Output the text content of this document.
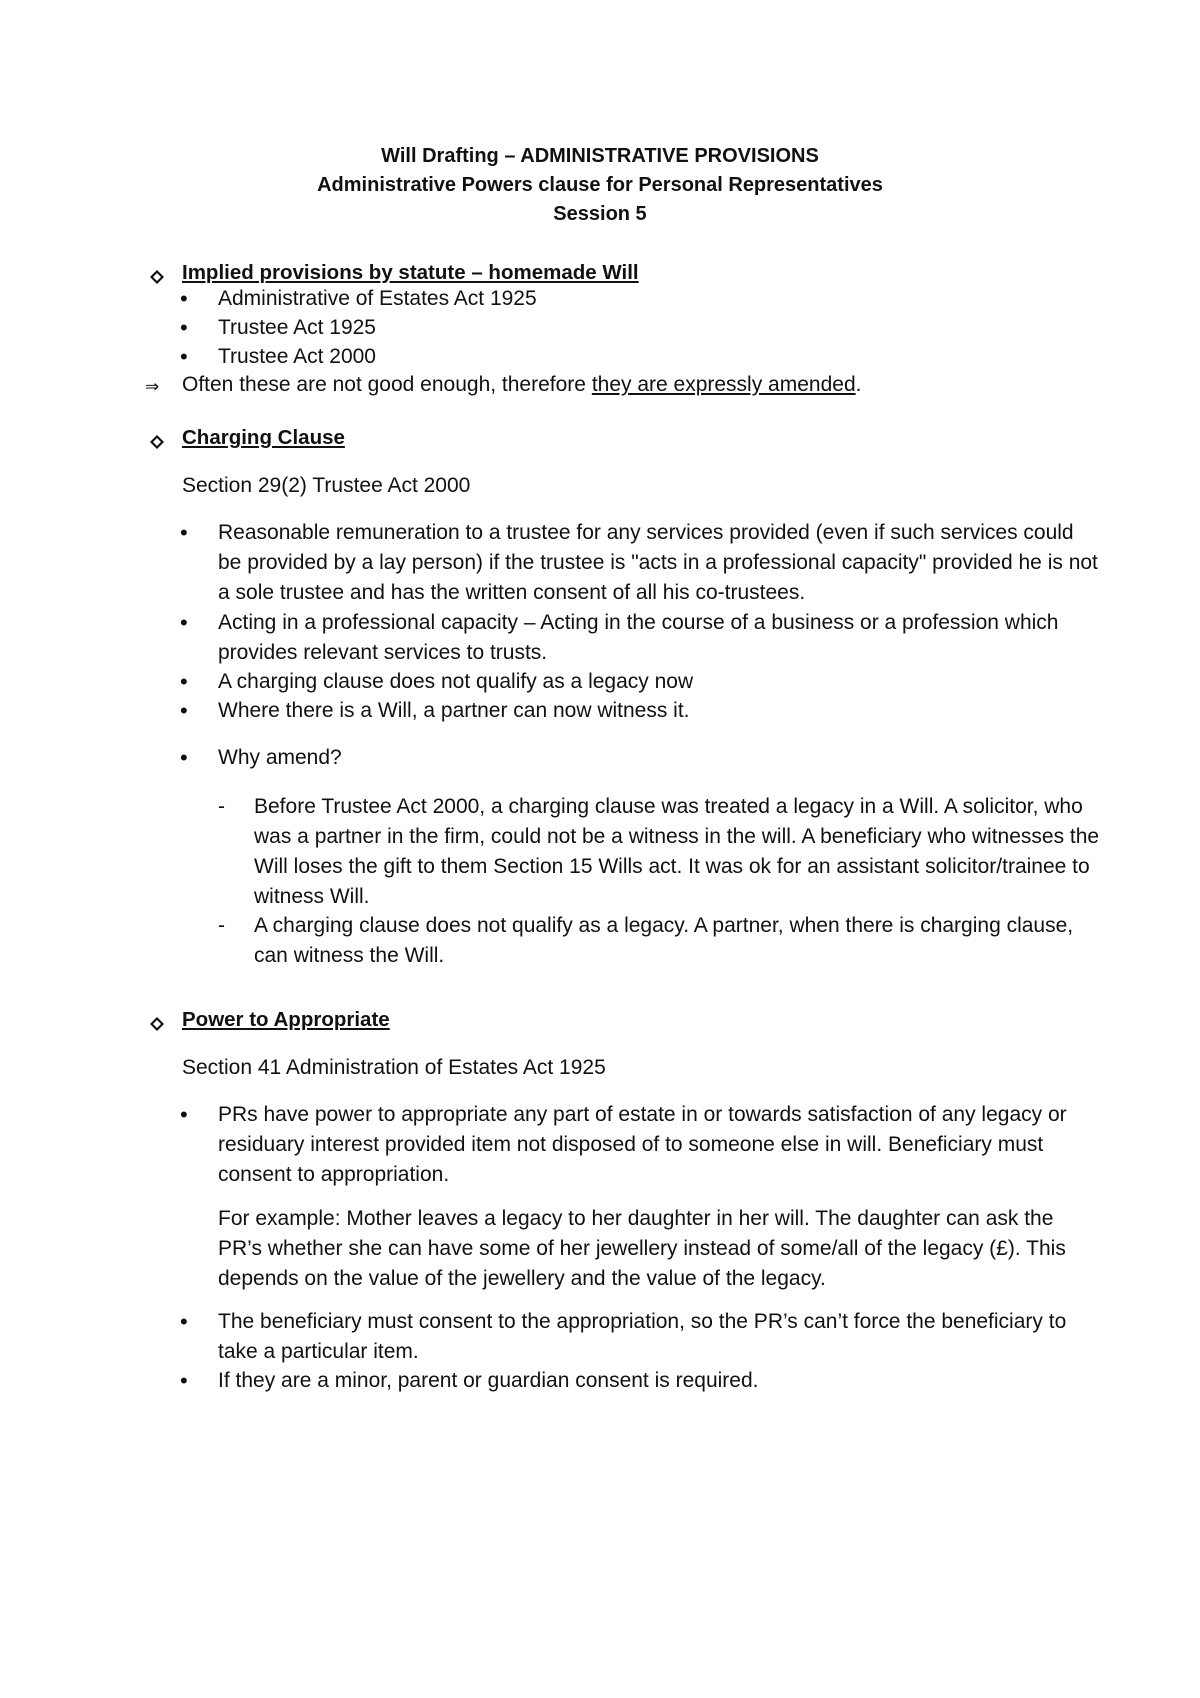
Will Drafting – ADMINISTRATIVE PROVISIONS
Administrative Powers clause for Personal Representatives
Session 5
Implied provisions by statute – homemade Will
• Administrative of Estates Act 1925
• Trustee Act 1925
• Trustee Act 2000
⇒ Often these are not good enough, therefore they are expressly amended.
Charging Clause
Section 29(2) Trustee Act 2000
• Reasonable remuneration to a trustee for any services provided (even if such services could be provided by a lay person) if the trustee is "acts in a professional capacity" provided he is not a sole trustee and has the written consent of all his co-trustees.
• Acting in a professional capacity – Acting in the course of a business or a profession which provides relevant services to trusts.
• A charging clause does not qualify as a legacy now
• Where there is a Will, a partner can now witness it.
• Why amend?
- Before Trustee Act 2000, a charging clause was treated a legacy in a Will. A solicitor, who was a partner in the firm, could not be a witness in the will. A beneficiary who witnesses the Will loses the gift to them Section 15 Wills act. It was ok for an assistant solicitor/trainee to witness Will.
- A charging clause does not qualify as a legacy. A partner, when there is charging clause, can witness the Will.
Power to Appropriate
Section 41 Administration of Estates Act 1925
• PRs have power to appropriate any part of estate in or towards satisfaction of any legacy or residuary interest provided item not disposed of to someone else in will. Beneficiary must consent to appropriation.
For example: Mother leaves a legacy to her daughter in her will. The daughter can ask the PR’s whether she can have some of her jewellery instead of some/all of the legacy (£). This depends on the value of the jewellery and the value of the legacy.
• The beneficiary must consent to the appropriation, so the PR’s can’t force the beneficiary to take a particular item.
• If they are a minor, parent or guardian consent is required.
